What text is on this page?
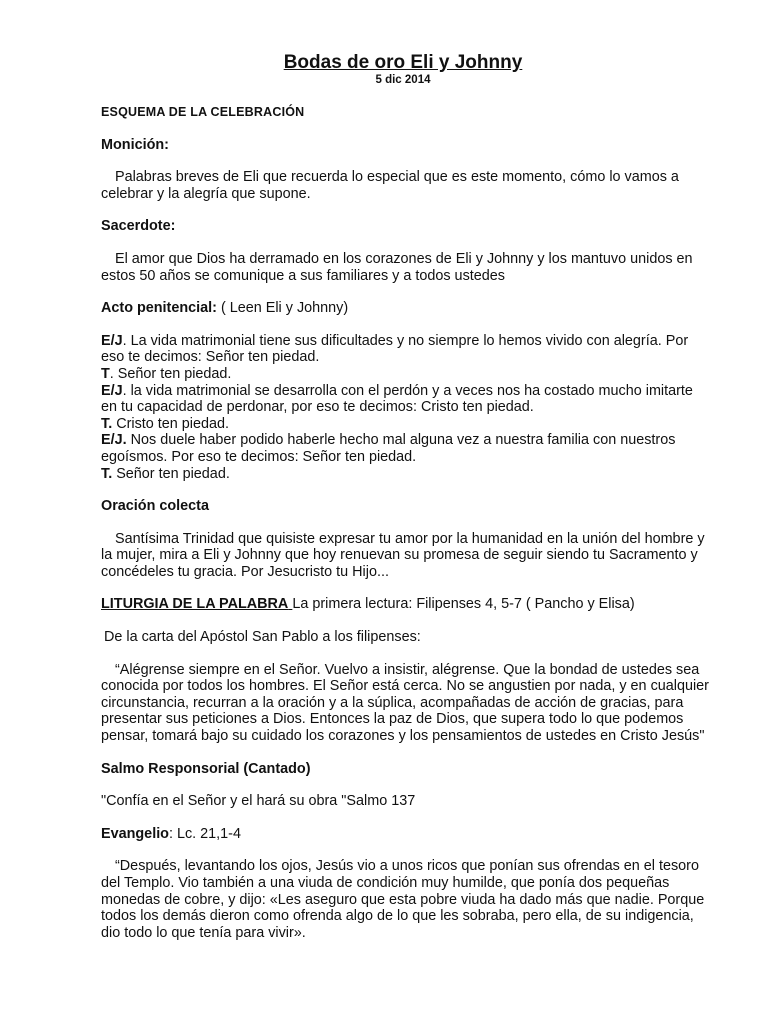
Bodas de oro Eli y Johnny
5 dic 2014

ESQUEMA DE LA CELEBRACIÓN

Monición:

Palabras breves de Eli que recuerda lo especial que es este momento, cómo lo vamos a celebrar y la alegría que supone.

Sacerdote:

El amor que Dios ha derramado en los corazones de Eli y Johnny y los mantuvo unidos en estos 50 años se comunique a sus familiares y a todos ustedes

Acto penitencial: ( Leen Eli y Johnny)

E/J. La vida matrimonial tiene sus dificultades y no siempre lo hemos vivido con alegría. Por eso te decimos: Señor ten piedad.

T. Señor ten piedad.

E/J. la vida matrimonial se desarrolla con el perdón y a veces nos ha costado mucho imitarte en tu capacidad de perdonar, por eso te decimos: Cristo ten piedad.

T. Cristo ten piedad.

E/J. Nos duele haber podido haberle hecho mal alguna vez a nuestra familia con nuestros egoísmos. Por eso te decimos: Señor ten piedad.

T. Señor ten piedad.

Oración colecta

Santísima Trinidad que quisiste expresar tu amor por la humanidad en la unión del hombre y la mujer, mira a Eli y Johnny que hoy renuevan su promesa de seguir siendo tu Sacramento y concédeles tu gracia. Por Jesucristo tu Hijo...

LITURGIA DE LA PALABRA La primera lectura: Filipenses 4, 5-7 ( Pancho y Elisa)

De la carta del Apóstol San Pablo a los filipenses:

“Alégrense siempre en el Señor. Vuelvo a insistir, alégrense. Que la bondad de ustedes sea conocida por todos los hombres. El Señor está cerca. No se angustien por nada, y en cualquier circunstancia, recurran a la oración y a la súplica, acompañadas de acción de gracias, para presentar sus peticiones a Dios. Entonces la paz de Dios, que supera todo lo que podemos pensar, tomará bajo su cuidado los corazones y los pensamientos de ustedes en Cristo Jesús"

Salmo Responsorial (Cantado)

"Confía en el Señor y el hará su obra "Salmo 137

Evangelio: Lc. 21,1-4

“Después, levantando los ojos, Jesús vio a unos ricos que ponían sus ofrendas en el tesoro del Templo. Vio también a una viuda de condición muy humilde, que ponía dos pequeñas monedas de cobre, y dijo: «Les aseguro que esta pobre viuda ha dado más que nadie. Porque todos los demás dieron como ofrenda algo de lo que les sobraba, pero ella, de su indigencia, dio todo lo que tenía para vivir».
